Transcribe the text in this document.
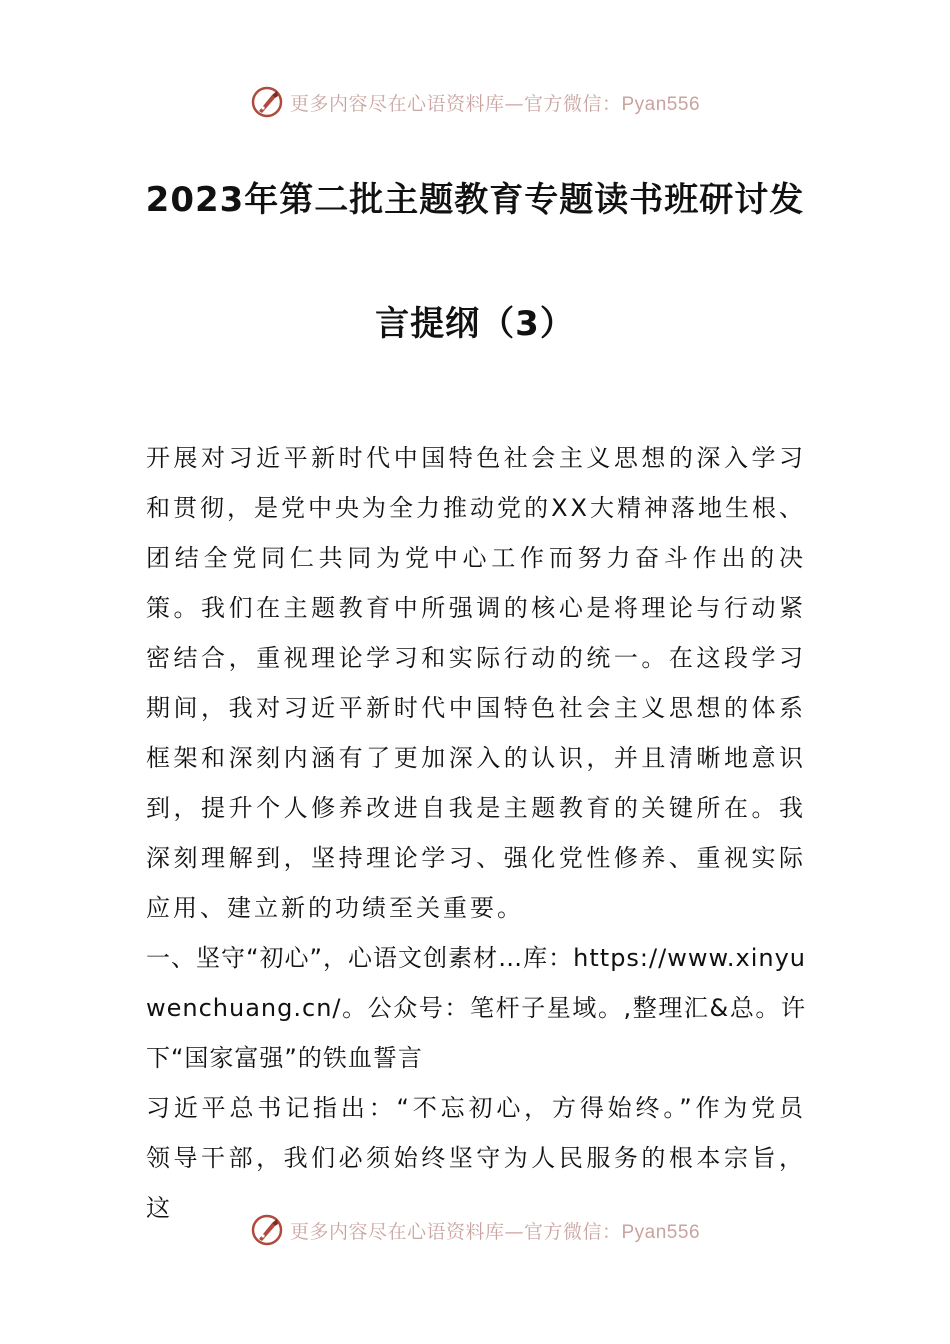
更多内容尽在心语资料库—官方微信：Pyan556
2023年第二批主题教育专题读书班研讨发
言提纲（3）

开展对习近平新时代中国特色社会主义思想的深入学习和贯彻，是党中央为全力推动党的XX大精神落地生根、团结全党同仁共同为党中心工作而努力奋斗作出的决策。我们在主题教育中所强调的核心是将理论与行动紧密结合，重视理论学习和实际行动的统一。在这段学习期间，我对习近平新时代中国特色社会主义思想的体系框架和深刻内涵有了更加深入的认识，并且清晰地意识到，提升个人修养改进自我是主题教育的关键所在。我深刻理解到，坚持理论学习、强化党性修养、重视实际应用、建立新的功绩至关重要。

一、坚守“初心”，心语文创素材…库：https://www.xinyuwenchuang.cn/。公众号：笔杆子星域。,整理汇&总。许下“国家富强”的铁血誓言

习近平总书记指出：“不忘初心，方得始终。”作为党员领导干部，我们必须始终坚守为人民服务的根本宗旨，这

更多内容尽在心语资料库—官方微信：Pyan556
